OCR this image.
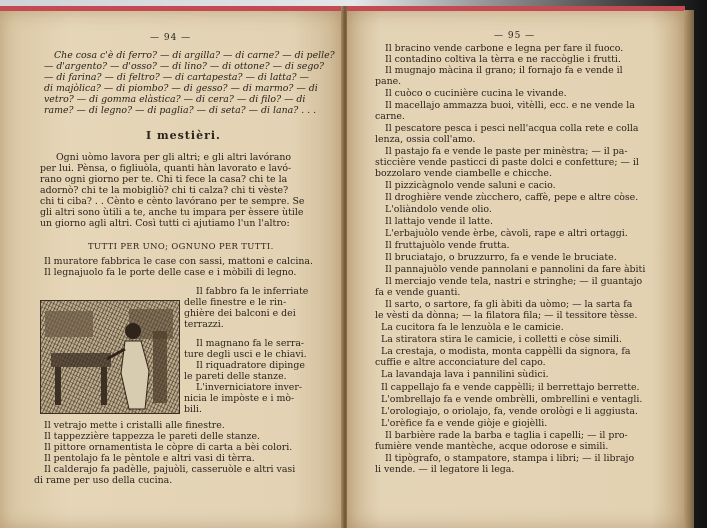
— 94 —
Che cosa c'è di ferro? — di argilla? — di carne? — di pelle?
— d'argento? — d'osso? — di lino? — di ottone? — di sego?
— di farina? — di feltro? — di cartapesta? — di latta? —
di majòlica? — di piombo? — di gesso? — di marmo? — di
vetro? — di gomma elàstica? — di cera? — di filo? — di
rame? — di legno? — di paglia? — di seta? — di lana? . . .
I mestièri.
Ogni uòmo lavora per gli altri; e gli altri lavórano
per lui. Pènsa, o figliuòla, quanti hàn lavorato e lavó-
rano ogni giorno per te. Chi ti fece la casa? chi te la
adornò? chi te la mobigliò? chi ti calza? chi ti vèste?
chi ti ciba? . . Cènto e cènto lavórano per te sempre. Se
gli altri sono ùtili a te, anche tu impara per èssere ùtile
un giorno agli altri. Così tutti ci ajutiamo l'un l'altro:
TUTTI PER UNO; OGNUNO PER TUTTI.
Il muratore fabbrica le case con sassi, mattoni e calcina.
Il legnajuolo fa le porte delle case e i mòbili di legno.
Il fabbro fa le inferriate
delle finestre e le rin-
ghière dei balconi e dei
terrazzi.
Il magnano fa le serra-
ture degli usci e le chiavi.
Il riquadratore dipinge
le pareti delle stanze.
L'inverniciatore inver-
nicia le impòste e i mò-
bili.
Il vetrajo mette i cristalli alle finestre.
Il tappezzière tappezza le pareti delle stanze.
Il pittore ornamentista le còpre di carta a bèi colori.
Il pentolajo fa le pèntole e altri vasi di tèrra.
Il calderajo fa padèlle, pajuòli, casseruòle e altri vasi
di rame per uso della cucina.
— 95 —
Il bracino vende carbone e legna per fare il fuoco.
Il contadino coltiva la tèrra e ne raccòglie i frutti.
Il mugnajo màcina il grano; il fornajo fa e vende il
pane.
Il cuòco o cucinière cucina le vivande.
Il macellajo ammazza buoi, vitèlli, ecc. e ne vende la
carne.
Il pescatore pesca i pesci nell'acqua colla rete e colla
lenza, ossia coll'amo.
Il pastajo fa e vende le paste per minèstra; — il pa-
sticcière vende pasticci di paste dolci e confetture; — il
bozzolaro vende ciambelle e chicche.
Il pizzicàgnolo vende saluni e cacio.
Il droghière vende zùcchero, caffè, pepe e altre còse.
L'oliàndolo vende olio.
Il lattajo vende il latte.
L'erbajuòlo vende èrbe, càvoli, rape e altri ortaggi.
Il fruttajuòlo vende frutta.
Il bruciatajo, o bruzzurro, fa e vende le bruciate.
Il pannajuòlo vende pannolani e pannolini da fare àbiti
Il merciajo vende tela, nastri e stringhe; — il guantajo
fa e vende guanti.
Il sarto, o sartore, fa gli àbiti da uòmo; — la sarta fa
le vèsti da dònna; — la filatora fila; — il tessitore tèsse.
La cucitora fa le lenzuòla e le camicie.
La stiratora stira le camicie, i colletti e còse simili.
La crestaja, o modista, monta cappèlli da signora, fa
cuffie e altre acconciature del capo.
La lavandaja lava i pannilini sùdici.
Il cappellajo fa e vende cappèlli; il berrettajo berrette.
L'ombrellajo fa e vende ombrèlli, ombrellini e ventagli.
L'orologiajo, o oriolajo, fa, vende orològi e li aggiusta.
L'orèfice fa e vende giòje e giojèlli.
Il barbière rade la barba e taglia i capelli; — il pro-
fumière vende mantèche, acque odorose e simili.
Il tipògrafo, o stampatore, stampa i libri; — il librajo
li vende. — il legatore li lega.
